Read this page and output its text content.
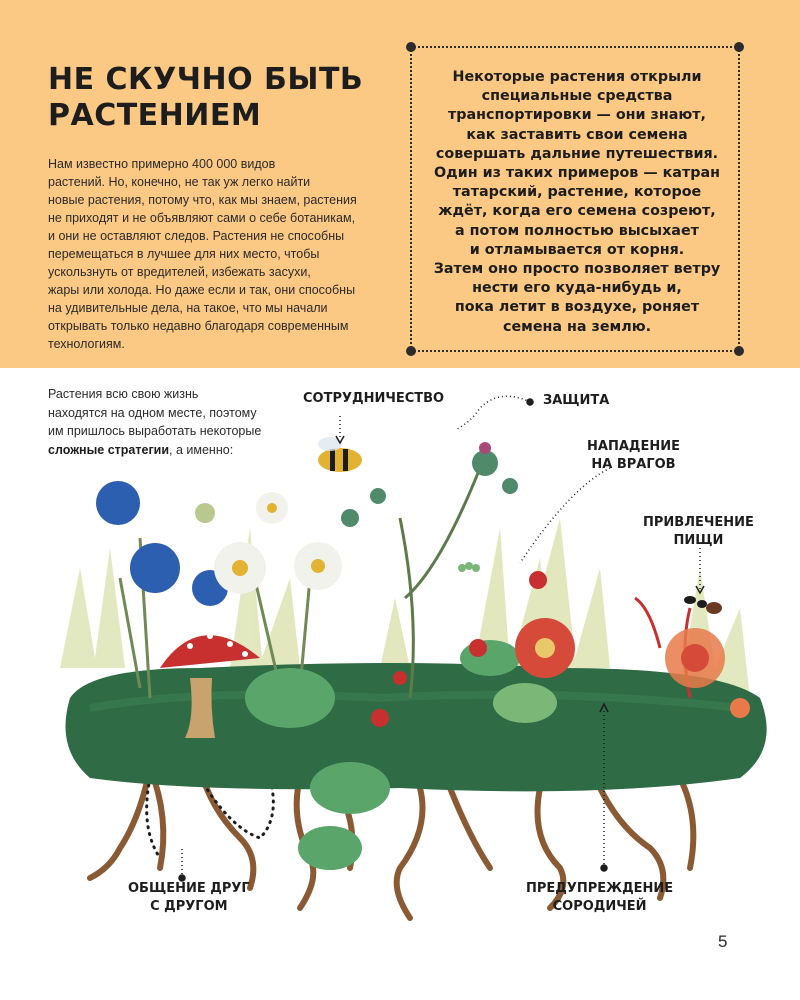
НЕ СКУЧНО БЫТЬ
РАСТЕНИЕМ
Нам известно примерно 400 000 видов
растений. Но, конечно, не так уж легко найти
новые растения, потому что, как мы знаем, растения
не приходят и не объявляют сами о себе ботаникам,
и они не оставляют следов. Растения не способны
перемещаться в лучшее для них место, чтобы
ускользнуть от вредителей, избежать засухи,
жары или холода. Но даже если и так, они способны
на удивительные дела, на такое, что мы начали
открывать только недавно благодаря современным
технологиям.
Некоторые растения открыли
специальные средства
транспортировки — они знают,
как заставить свои семена
совершать дальние путешествия.
Один из таких примеров — катран
татарский, растение, которое
ждёт, когда его семена созреют,
а потом полностью высыхает
и отламывается от корня.
Затем оно просто позволяет ветру
нести его куда-нибудь и,
пока летит в воздухе, роняет
семена на землю.
Растения всю свою жизнь
находятся на одном месте, поэтому
им пришлось выработать некоторые
сложные стратегии, а именно:
СОТРУДНИЧЕСТВО	ЗАЩИТА
НАПАДЕНИЕ
НА ВРАГОВ
ПРИВЛЕЧЕНИЕ
ПИЩИ
ОБЩЕНИЕ ДРУГ
С ДРУГОМ
ПРЕДУПРЕЖДЕНИЕ
СОРОДИЧЕЙ
5
